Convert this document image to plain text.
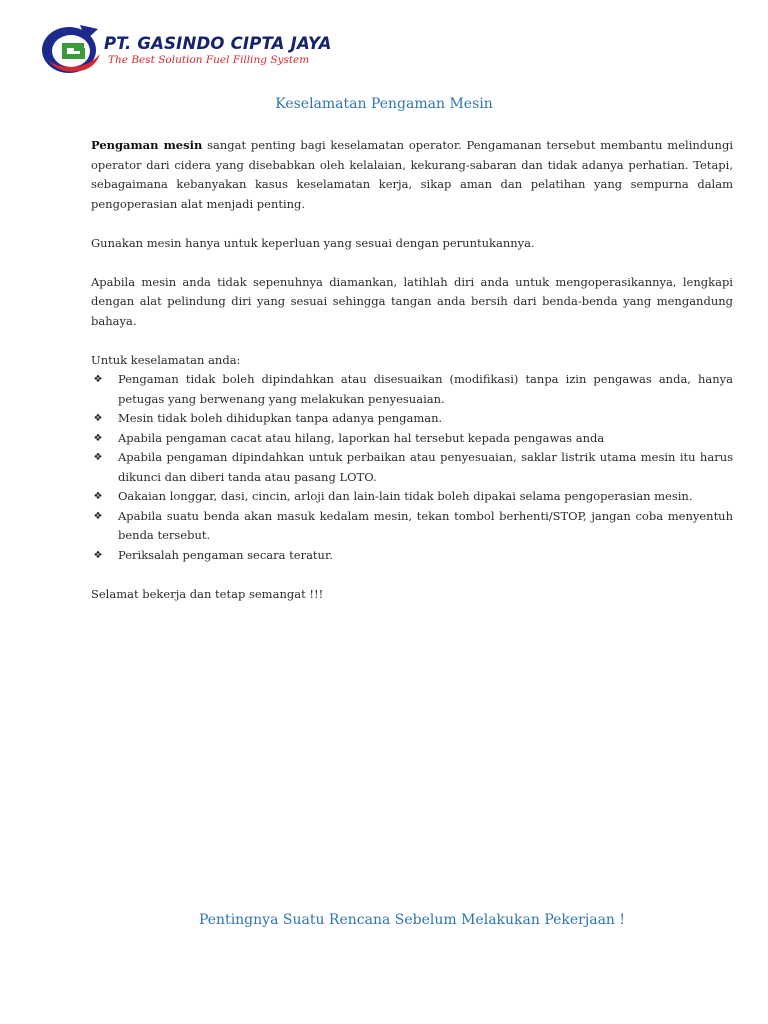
PT. GASINDO CIPTA JAYA
The Best Solution Fuel Filling System
Keselamatan Pengaman Mesin

Pengaman mesin sangat penting bagi keselamatan operator. Pengamanan tersebut membantu melindungi operator dari cidera yang disebabkan oleh kelalaian, kekurang-sabaran dan tidak adanya perhatian. Tetapi, sebagaimana kebanyakan kasus keselamatan kerja, sikap aman dan pelatihan yang sempurna dalam pengoperasian alat menjadi penting.

Gunakan mesin hanya untuk keperluan yang sesuai dengan peruntukannya.

Apabila mesin anda tidak sepenuhnya diamankan, latihlah diri anda untuk mengoperasikannya, lengkapi dengan alat pelindung diri yang sesuai sehingga tangan anda bersih dari benda-benda yang mengandung bahaya.

Untuk keselamatan anda:

❖ Pengaman tidak boleh dipindahkan atau disesuaikan (modifikasi) tanpa izin pengawas anda, hanya petugas yang berwenang yang melakukan penyesuaian.
❖ Mesin tidak boleh dihidupkan tanpa adanya pengaman.
❖ Apabila pengaman cacat atau hilang, laporkan hal tersebut kepada pengawas anda
❖ Apabila pengaman dipindahkan untuk perbaikan atau penyesuaian, saklar listrik utama mesin itu harus dikunci dan diberi tanda atau pasang LOTO.
❖ Oakaian longgar, dasi, cincin, arloji dan lain-lain tidak boleh dipakai selama pengoperasian mesin.
❖ Apabila suatu benda akan masuk kedalam mesin, tekan tombol berhenti/STOP, jangan coba menyentuh benda tersebut.
❖ Periksalah pengaman secara teratur.

Selamat bekerja dan tetap semangat !!!

Pentingnya Suatu Rencana Sebelum Melakukan Pekerjaan !
